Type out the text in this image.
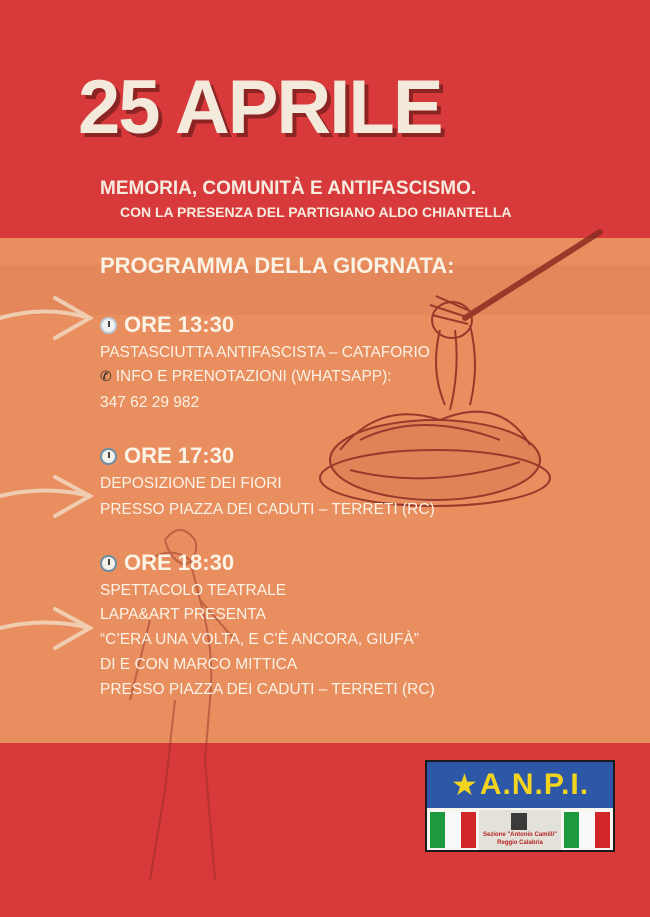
25 APRILE
MEMORIA, COMUNITÀ E ANTIFASCISMO.
CON LA PRESENZA DEL PARTIGIANO ALDO CHIANTELLA
PROGRAMMA DELLA GIORNATA:
ORE 13:30
PASTASCIUTTA ANTIFASCISTA – CATAFORIO
✆ INFO E PRENOTAZIONI (WHATSAPP):
347 62 29 982
ORE 17:30
DEPOSIZIONE DEI FIORI
PRESSO PIAZZA DEI CADUTI – TERRETI (RC)
ORE 18:30
SPETTACOLO TEATRALE
LAPA&ART PRESENTA
“C’ERA UNA VOLTA, E C’È ANCORA, GIUFÀ”
DI E CON MARCO MITTICA
PRESSO PIAZZA DEI CADUTI – TERRETI (RC)
★ A.N.P.I.
Sezione "Antonio Camilli"
Reggio Calabria
